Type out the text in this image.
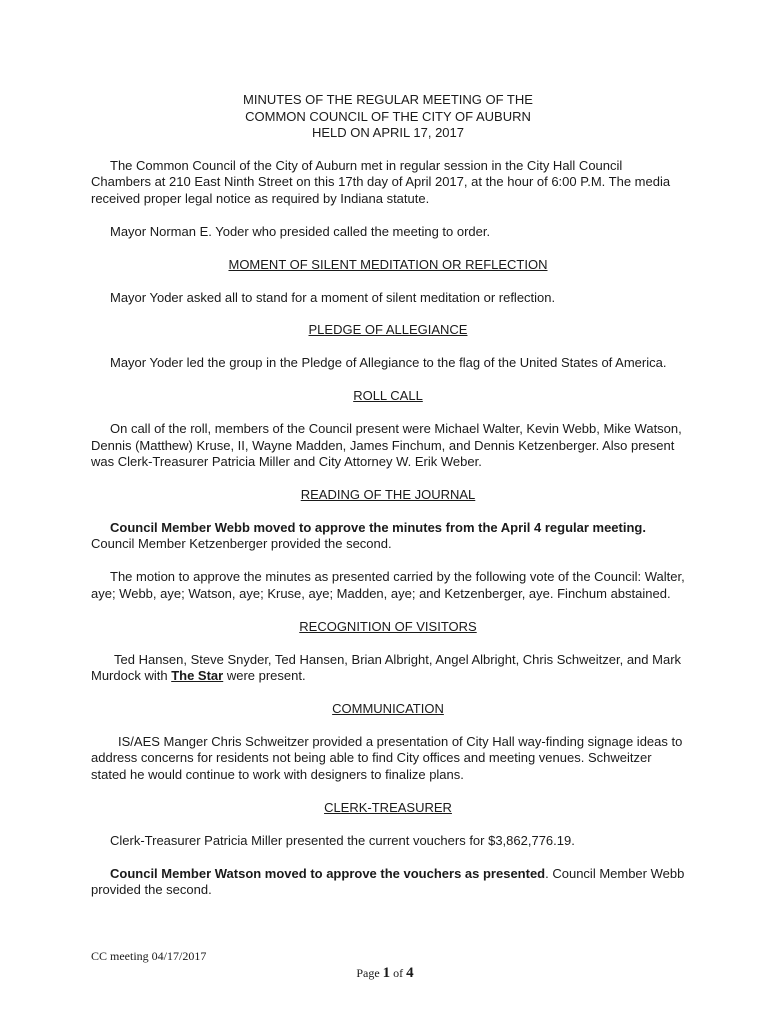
MINUTES OF THE REGULAR MEETING OF THE
COMMON COUNCIL OF THE CITY OF AUBURN
HELD ON APRIL 17, 2017

The Common Council of the City of Auburn met in regular session in the City Hall Council Chambers at 210 East Ninth Street on this 17th day of April 2017, at the hour of 6:00 P.M. The media received proper legal notice as required by Indiana statute.

Mayor Norman E. Yoder who presided called the meeting to order.

MOMENT OF SILENT MEDITATION OR REFLECTION

Mayor Yoder asked all to stand for a moment of silent meditation or reflection.

PLEDGE OF ALLEGIANCE

Mayor Yoder led the group in the Pledge of Allegiance to the flag of the United States of America.

ROLL CALL

On call of the roll, members of the Council present were Michael Walter, Kevin Webb, Mike Watson, Dennis (Matthew) Kruse, II, Wayne Madden, James Finchum, and Dennis Ketzenberger. Also present was Clerk-Treasurer Patricia Miller and City Attorney W. Erik Weber.

READING OF THE JOURNAL

Council Member Webb moved to approve the minutes from the April 4 regular meeting. Council Member Ketzenberger provided the second.

The motion to approve the minutes as presented carried by the following vote of the Council: Walter, aye; Webb, aye; Watson, aye; Kruse, aye; Madden, aye; and Ketzenberger, aye. Finchum abstained.

RECOGNITION OF VISITORS

Ted Hansen, Steve Snyder, Ted Hansen, Brian Albright, Angel Albright, Chris Schweitzer, and Mark Murdock with The Star were present.

COMMUNICATION

IS/AES Manger Chris Schweitzer provided a presentation of City Hall way-finding signage ideas to address concerns for residents not being able to find City offices and meeting venues. Schweitzer stated he would continue to work with designers to finalize plans.

CLERK-TREASURER

Clerk-Treasurer Patricia Miller presented the current vouchers for $3,862,776.19.

Council Member Watson moved to approve the vouchers as presented. Council Member Webb provided the second.

CC meeting 04/17/2017
Page 1 of 4
